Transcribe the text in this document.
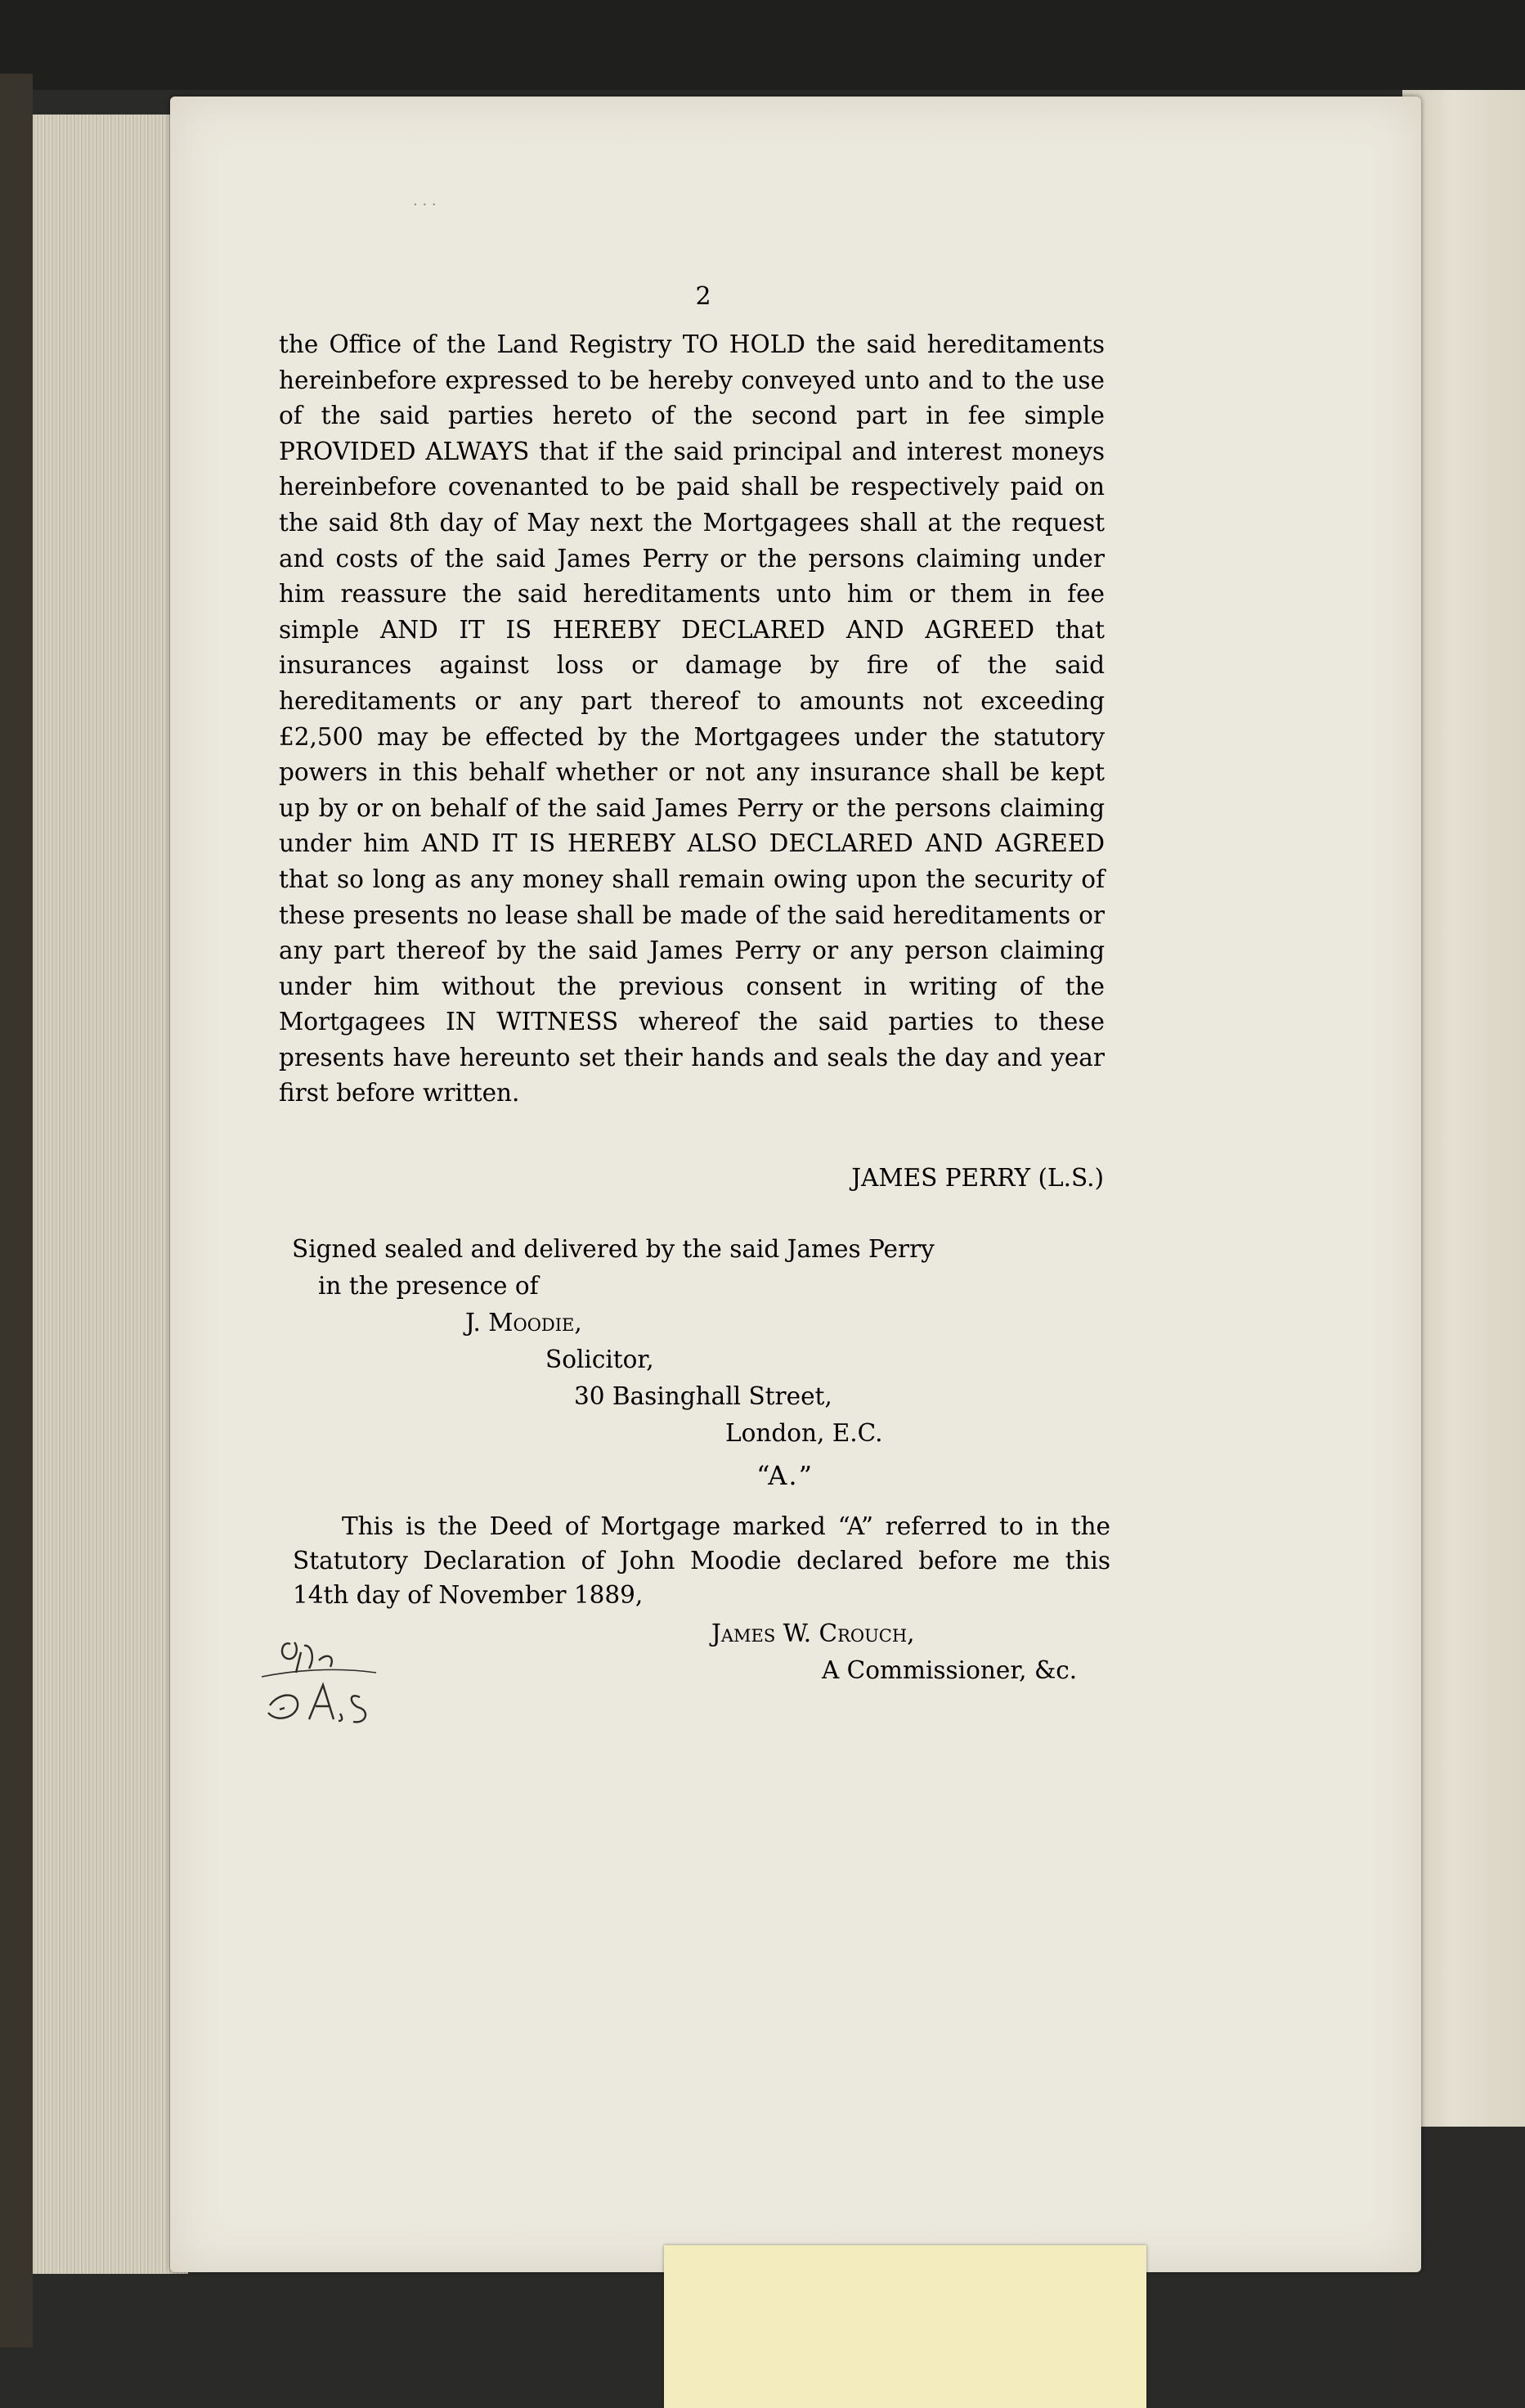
· · ·
2

the Office of the Land Registry TO HOLD the said hereditaments hereinbefore expressed to be hereby conveyed unto and to the use of the said parties hereto of the second part in fee simple PROVIDED ALWAYS that if the said principal and interest moneys hereinbefore covenanted to be paid shall be respectively paid on the said 8th day of May next the Mortgagees shall at the request and costs of the said James Perry or the persons claiming under him reassure the said hereditaments unto him or them in fee simple AND IT IS HEREBY DECLARED AND AGREED that insurances against loss or damage by fire of the said hereditaments or any part thereof to amounts not exceeding £2,500 may be effected by the Mortgagees under the statutory powers in this behalf whether or not any insurance shall be kept up by or on behalf of the said James Perry or the persons claiming under him AND IT IS HEREBY ALSO DECLARED AND AGREED that so long as any money shall remain owing upon the security of these presents no lease shall be made of the said hereditaments or any part thereof by the said James Perry or any person claiming under him without the previous consent in writing of the Mortgagees IN WITNESS whereof the said parties to these presents have hereunto set their hands and seals the day and year first before written.

JAMES PERRY (L.S.)
Signed sealed and delivered by the said James Perry
in the presence of
J. Moodie,
Solicitor,
30 Basinghall Street,
London, E.C.
“A.”

This is the Deed of Mortgage marked “A” referred to in the Statutory Declaration of John Moodie declared before me this 14th day of November 1889,

James W. Crouch,
A Commissioner, &c.
